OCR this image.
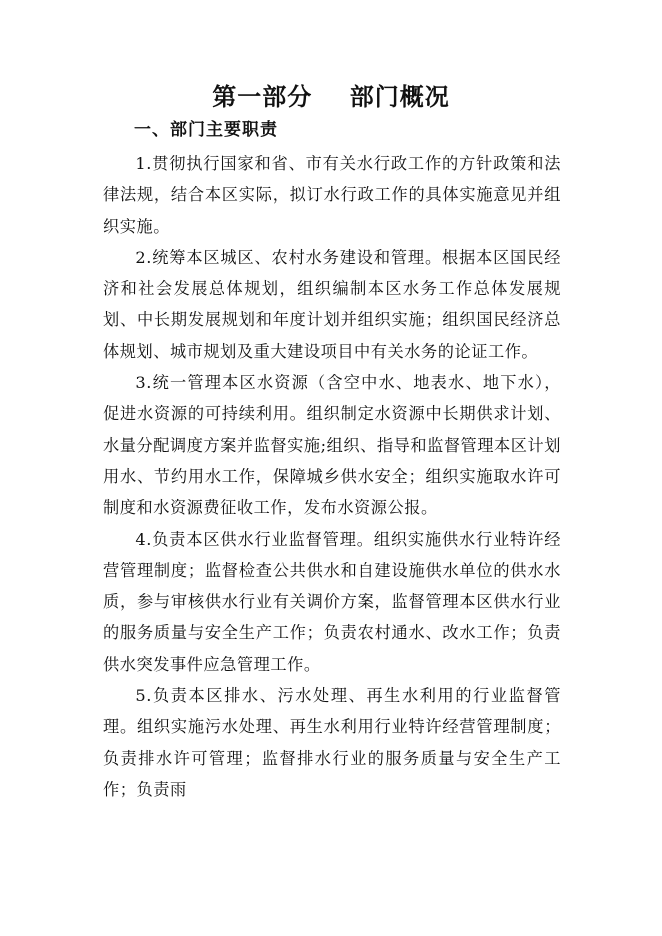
第一部分    部门概况
一、部门主要职责

1.贯彻执行国家和省、市有关水行政工作的方针政策和法律法规，结合本区实际，拟订水行政工作的具体实施意见并组织实施。

2.统筹本区城区、农村水务建设和管理。根据本区国民经济和社会发展总体规划，组织编制本区水务工作总体发展规划、中长期发展规划和年度计划并组织实施；组织国民经济总体规划、城市规划及重大建设项目中有关水务的论证工作。

3.统一管理本区水资源（含空中水、地表水、地下水），促进水资源的可持续利用。组织制定水资源中长期供求计划、水量分配调度方案并监督实施;组织、指导和监督管理本区计划用水、节约用水工作，保障城乡供水安全；组织实施取水许可制度和水资源费征收工作，发布水资源公报。

4.负责本区供水行业监督管理。组织实施供水行业特许经营管理制度；监督检查公共供水和自建设施供水单位的供水水质，参与审核供水行业有关调价方案，监督管理本区供水行业的服务质量与安全生产工作；负责农村通水、改水工作；负责供水突发事件应急管理工作。

5.负责本区排水、污水处理、再生水利用的行业监督管理。组织实施污水处理、再生水利用行业特许经营管理制度；负责排水许可管理；监督排水行业的服务质量与安全生产工作；负责雨
